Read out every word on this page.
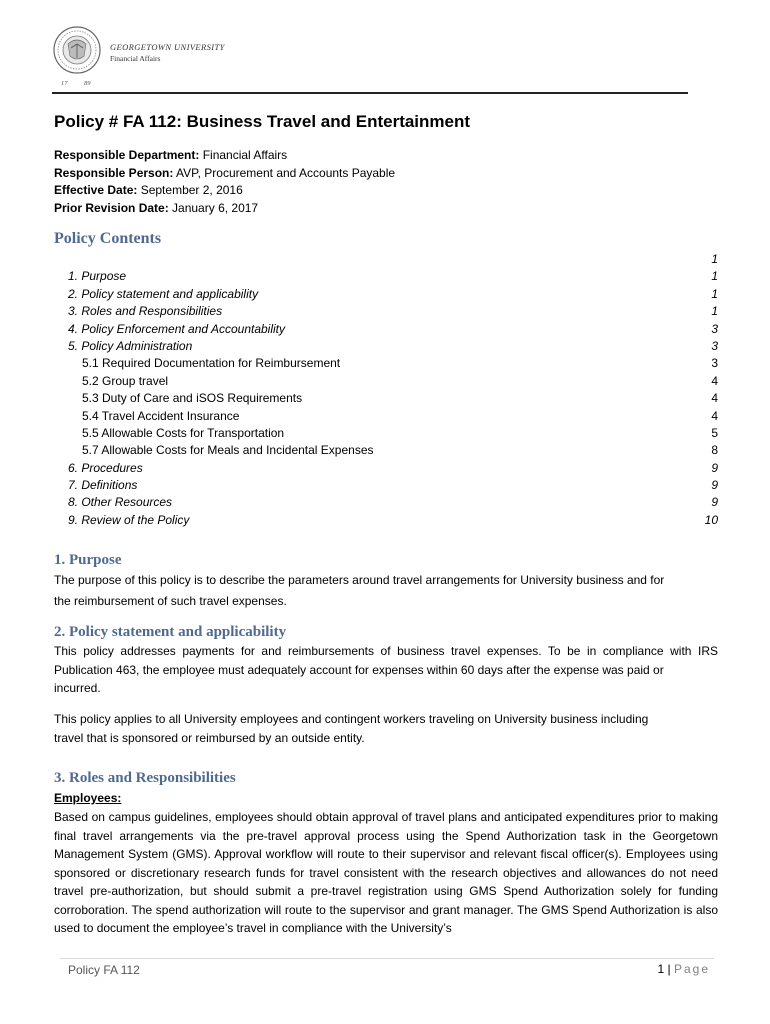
17	89
GEORGETOWN UNIVERSITY
Financial Affairs
Policy # FA 112: Business Travel and Entertainment
Responsible Department: Financial Affairs
Responsible Person: AVP, Procurement and Accounts Payable
Effective Date: September 2, 2016
Prior Revision Date: January 6, 2017
Policy Contents
1
1. Purpose	1
2. Policy statement and applicability	1
3. Roles and Responsibilities	1
4. Policy Enforcement and Accountability	3
5. Policy Administration	3
5.1 Required Documentation for Reimbursement	3
5.2 Group travel	4
5.3 Duty of Care and iSOS Requirements	4
5.4 Travel Accident Insurance	4
5.5 Allowable Costs for Transportation	5
5.7 Allowable Costs for Meals and Incidental Expenses	8
6. Procedures	9
7. Definitions	9
8. Other Resources	9
9. Review of the Policy	10
1. Purpose
The purpose of this policy is to describe the parameters around travel arrangements for University business and for
the reimbursement of such travel expenses.
2. Policy statement and applicability
This policy addresses payments for and reimbursements of business travel expenses. To be in compliance with IRS Publication 463, the employee must adequately account for expenses within 60 days after the expense was paid or
incurred.
This policy applies to all University employees and contingent workers traveling on University business including
travel that is sponsored or reimbursed by an outside entity.
3. Roles and Responsibilities
Employees:
Based on campus guidelines, employees should obtain approval of travel plans and anticipated expenditures prior to making final travel arrangements via the pre-travel approval process using the Spend Authorization task in the Georgetown Management System (GMS). Approval workflow will route to their supervisor and relevant fiscal officer(s). Employees using sponsored or discretionary research funds for travel consistent with the research objectives and allowances do not need travel pre-authorization, but should submit a pre-travel registration using GMS Spend Authorization solely for funding corroboration. The spend authorization will route to the supervisor and grant manager. The GMS Spend Authorization is also used to document the employee’s travel in compliance with the University’s
Policy FA 112	1 | Page
